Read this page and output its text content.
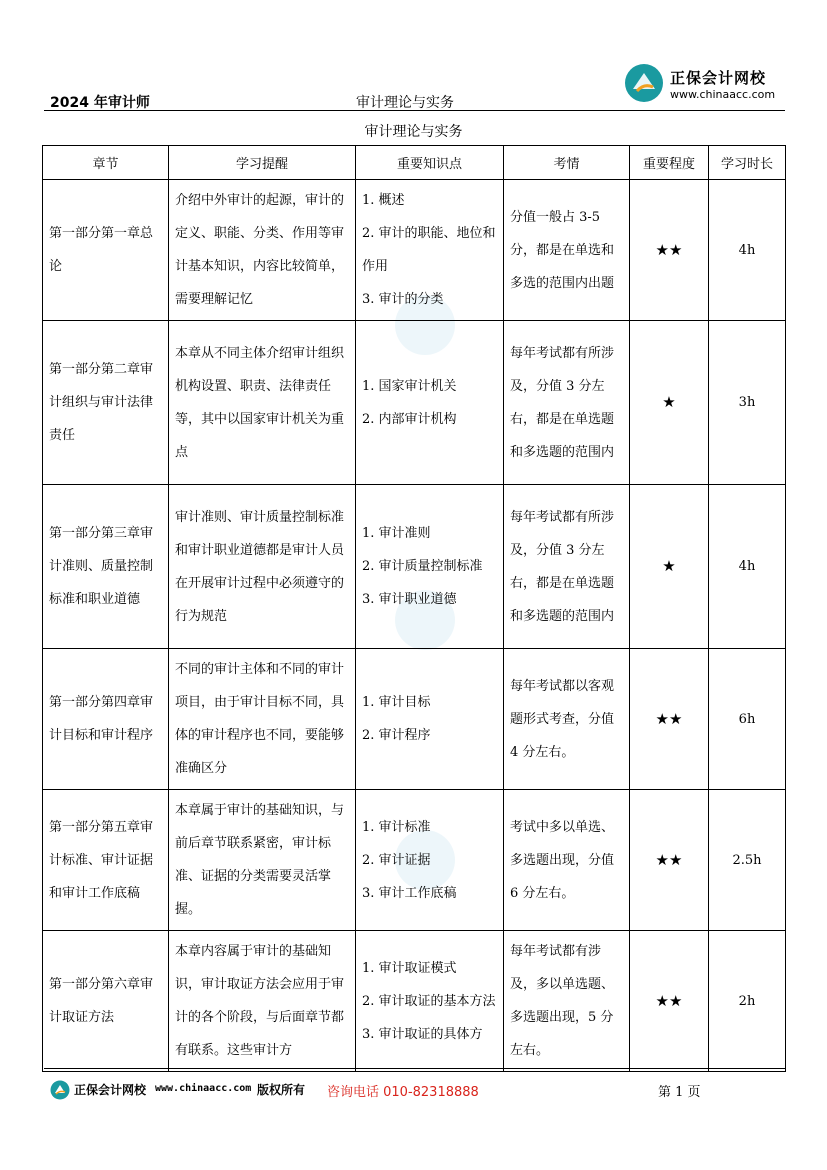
2024 年审计师	审计理论与实务
正保会计网校
www.chinaacc.com
审计理论与实务
章节	学习提醒	重要知识点	考情	重要程度	学习时长
第一部分第一章总论	介绍中外审计的起源，审计的定义、职能、分类、作用等审计基本知识，内容比较简单，需要理解记忆	1. 概述
2. 审计的职能、地位和作用
3. 审计的分类	分值一般占 3-5 分，都是在单选和多选的范围内出题	★★	4h
第一部分第二章审计组织与审计法律责任	本章从不同主体介绍审计组织机构设置、职责、法律责任等，其中以国家审计机关为重点	1. 国家审计机关
2. 内部审计机构	每年考试都有所涉及，分值 3 分左右，都是在单选题和多选题的范围内	★	3h
第一部分第三章审计准则、质量控制标准和职业道德	审计准则、审计质量控制标准和审计职业道德都是审计人员在开展审计过程中必须遵守的行为规范	1. 审计准则
2. 审计质量控制标准
3. 审计职业道德	每年考试都有所涉及，分值 3 分左右，都是在单选题和多选题的范围内	★	4h
第一部分第四章审计目标和审计程序	不同的审计主体和不同的审计项目，由于审计目标不同，具体的审计程序也不同，要能够准确区分	1. 审计目标
2. 审计程序	每年考试都以客观题形式考查，分值 4 分左右。	★★	6h
第一部分第五章审计标准、审计证据和审计工作底稿	本章属于审计的基础知识，与前后章节联系紧密，审计标准、证据的分类需要灵活掌握。	1. 审计标准
2. 审计证据
3. 审计工作底稿	考试中多以单选、多选题出现，分值 6 分左右。	★★	2.5h
第一部分第六章审计取证方法	本章内容属于审计的基础知识，审计取证方法会应用于审计的各个阶段，与后面章节都有联系。这些审计方	1. 审计取证模式
2. 审计取证的基本方法
3. 审计取证的具体方	每年考试都有涉及，多以单选题、多选题出现，5 分左右。	★★	2h
正保会计网校 www.chinaacc.com 版权所有 咨询电话 010-82318888	第 1 页
